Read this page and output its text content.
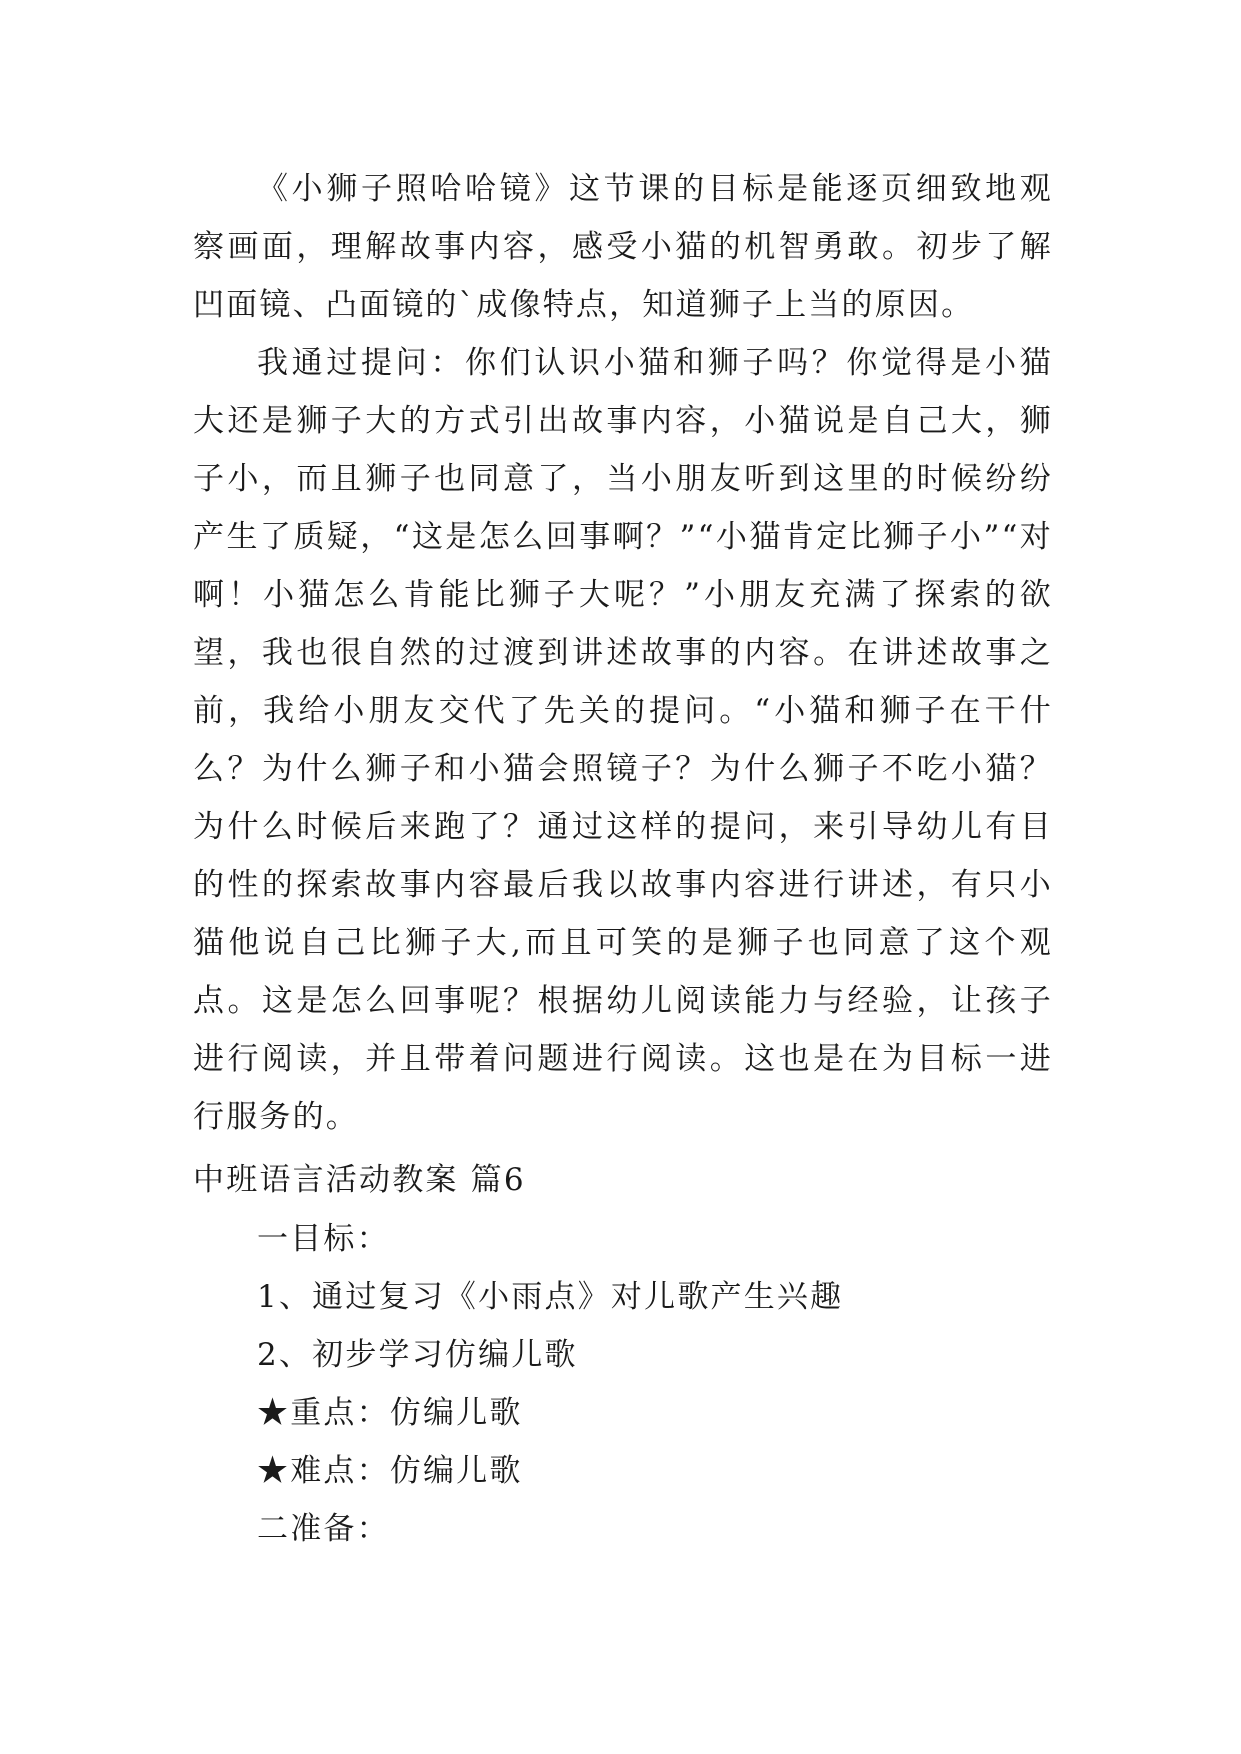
《小狮子照哈哈镜》这节课的目标是能逐页细致地观察画面，理解故事内容，感受小猫的机智勇敢。初步了解凹面镜、凸面镜的`成像特点，知道狮子上当的原因。

我通过提问：你们认识小猫和狮子吗？你觉得是小猫大还是狮子大的方式引出故事内容，小猫说是自己大，狮子小，而且狮子也同意了，当小朋友听到这里的时候纷纷产生了质疑，“这是怎么回事啊？”“小猫肯定比狮子小”“对啊！小猫怎么肯能比狮子大呢？”小朋友充满了探索的欲望，我也很自然的过渡到讲述故事的内容。在讲述故事之前，我给小朋友交代了先关的提问。“小猫和狮子在干什么？为什么狮子和小猫会照镜子？为什么狮子不吃小猫？为什么时候后来跑了？通过这样的提问，来引导幼儿有目的性的探索故事内容最后我以故事内容进行讲述，有只小猫他说自己比狮子大,而且可笑的是狮子也同意了这个观点。这是怎么回事呢？根据幼儿阅读能力与经验，让孩子进行阅读，并且带着问题进行阅读。这也是在为目标一进行服务的。

中班语言活动教案 篇6
一目标：
1、通过复习《小雨点》对儿歌产生兴趣
2、初步学习仿编儿歌
★重点：仿编儿歌
★难点：仿编儿歌
二准备：
